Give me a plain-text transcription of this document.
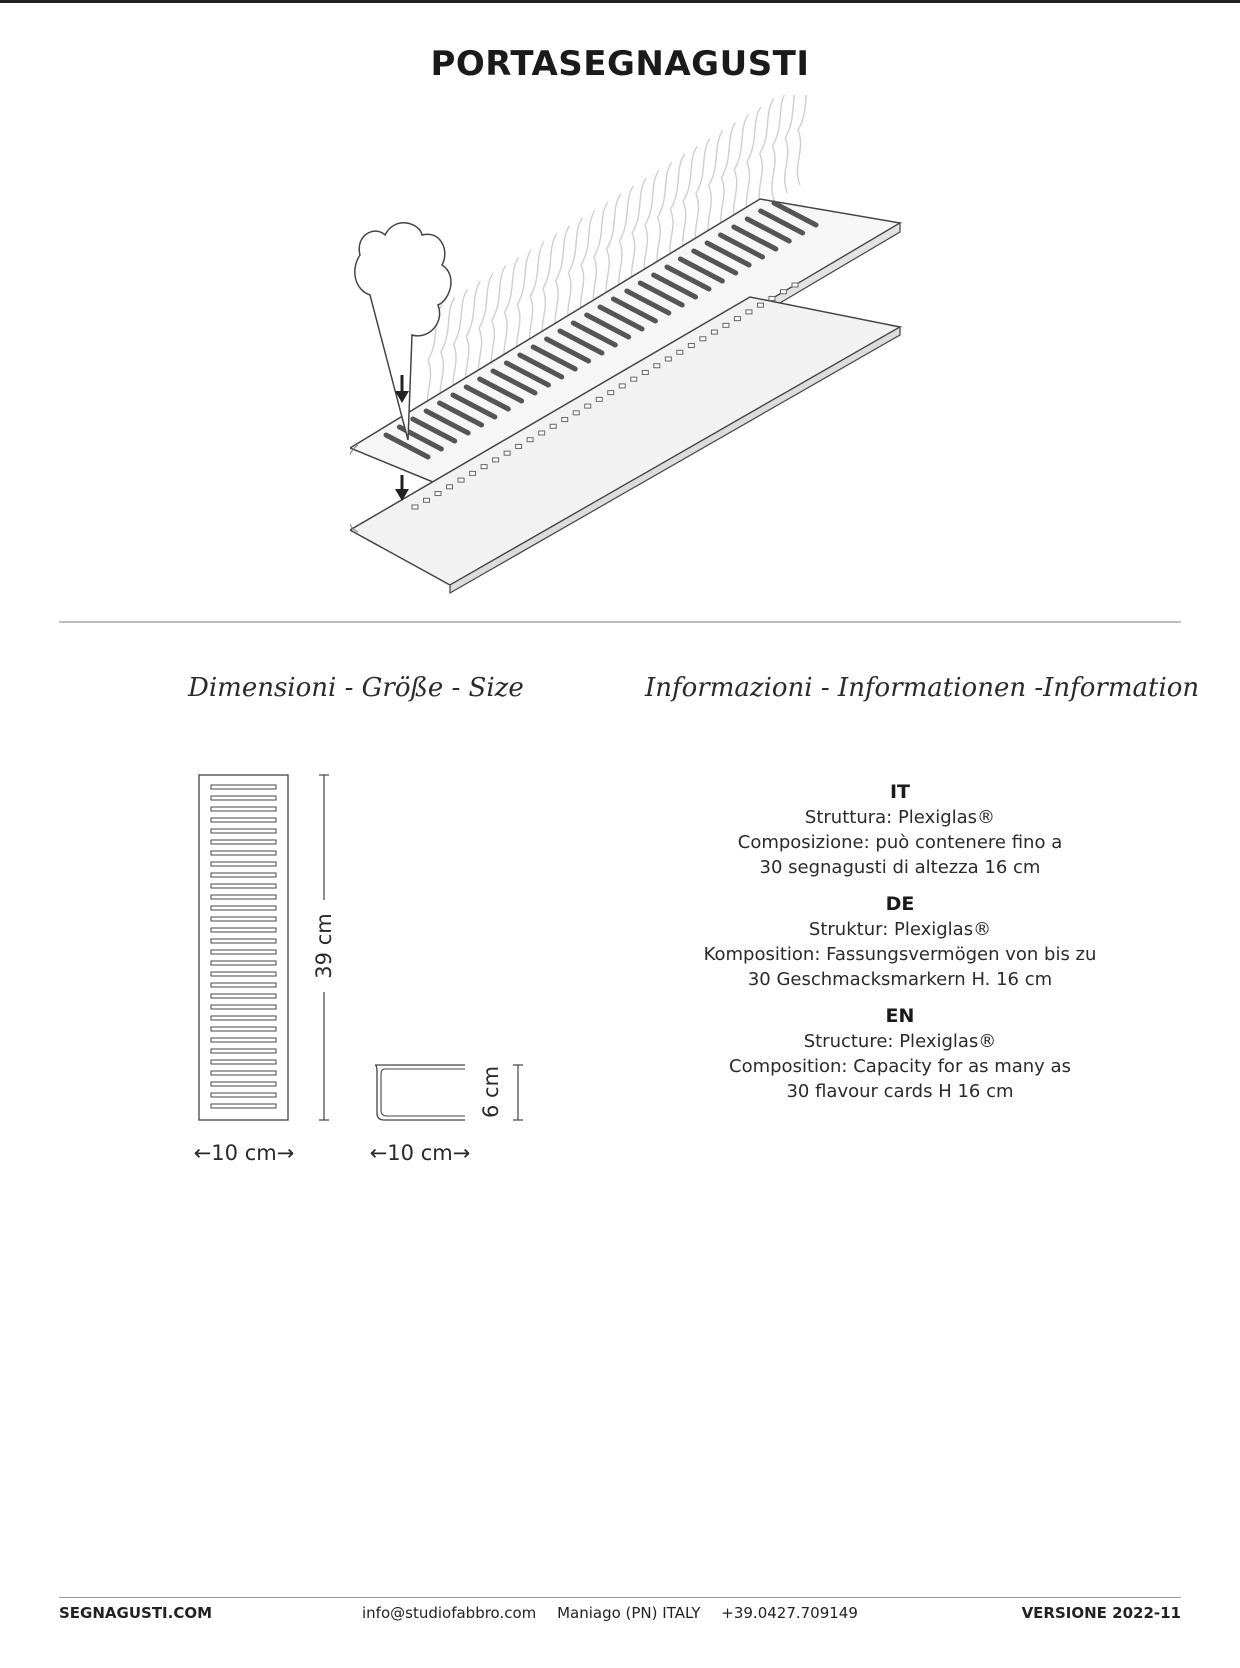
PORTASEGNAGUSTI
Dimensioni - Größe - Size	Informazioni - Informationen -Information
39 cm
←10 cm→
6 cm
←10 cm→
IT
Struttura: Plexiglas®
Composizione: può contenere fino a
30 segnagusti di altezza 16 cm
DE
Struktur: Plexiglas®
Komposition: Fassungsvermögen von bis zu
30 Geschmacksmarkern H. 16 cm
EN
Structure: Plexiglas®
Composition: Capacity for as many as
30 flavour cards H 16 cm
SEGNAGUSTI.COM	info@studiofabbro.com Maniago (PN) ITALY +39.0427.709149	VERSIONE 2022-11
